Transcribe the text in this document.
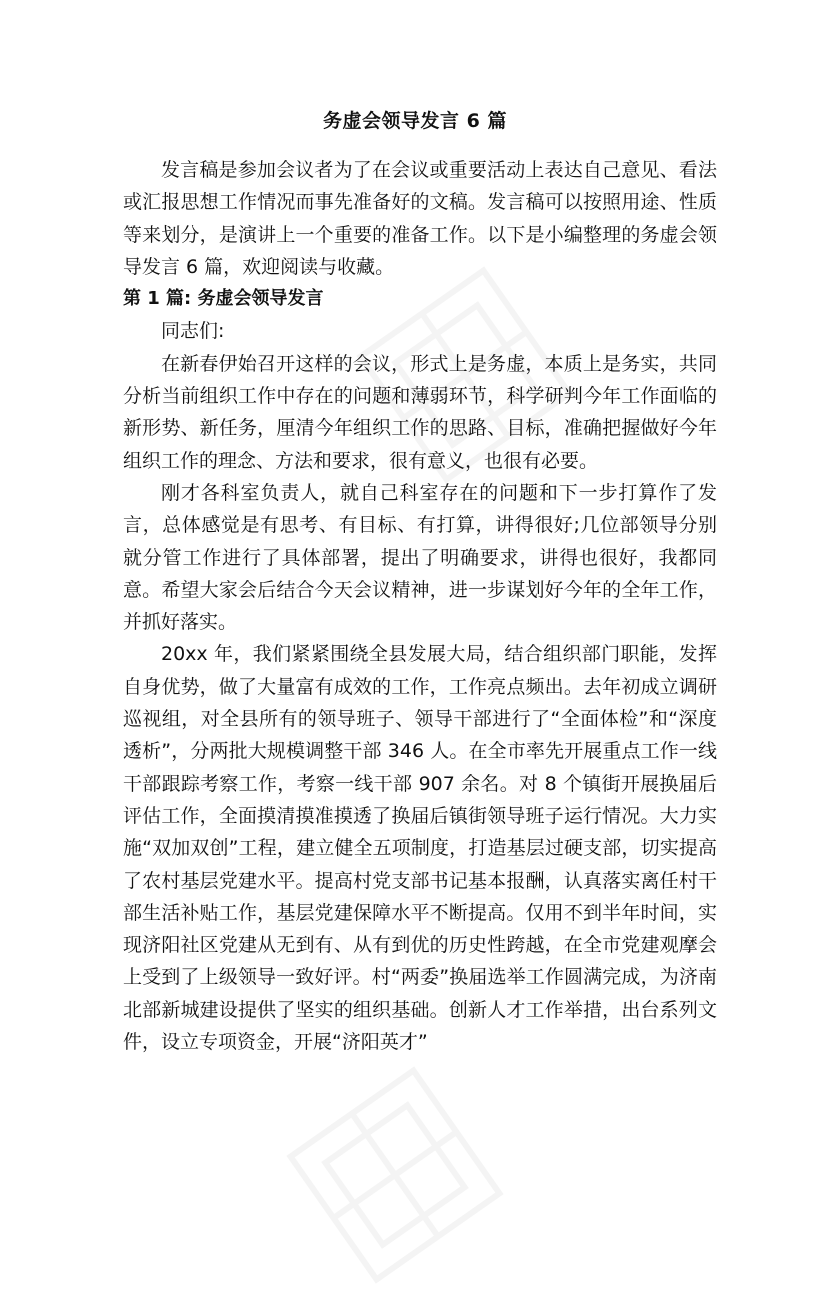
务虚会领导发言 6 篇

发言稿是参加会议者为了在会议或重要活动上表达自己意见、看法或汇报思想工作情况而事先准备好的文稿。发言稿可以按照用途、性质等来划分，是演讲上一个重要的准备工作。以下是小编整理的务虚会领导发言 6 篇，欢迎阅读与收藏。

第 1 篇: 务虚会领导发言

同志们:

在新春伊始召开这样的会议，形式上是务虚，本质上是务实，共同分析当前组织工作中存在的问题和薄弱环节，科学研判今年工作面临的新形势、新任务，厘清今年组织工作的思路、目标，准确把握做好今年组织工作的理念、方法和要求，很有意义，也很有必要。

刚才各科室负责人，就自己科室存在的问题和下一步打算作了发言，总体感觉是有思考、有目标、有打算，讲得很好;几位部领导分别就分管工作进行了具体部署，提出了明确要求，讲得也很好，我都同意。希望大家会后结合今天会议精神，进一步谋划好今年的全年工作，并抓好落实。

20xx 年，我们紧紧围绕全县发展大局，结合组织部门职能，发挥自身优势，做了大量富有成效的工作，工作亮点频出。去年初成立调研巡视组，对全县所有的领导班子、领导干部进行了“全面体检”和“深度透析”，分两批大规模调整干部 346 人。在全市率先开展重点工作一线干部跟踪考察工作，考察一线干部 907 余名。对 8 个镇街开展换届后评估工作，全面摸清摸准摸透了换届后镇街领导班子运行情况。大力实施“双加双创”工程，建立健全五项制度，打造基层过硬支部，切实提高了农村基层党建水平。提高村党支部书记基本报酬，认真落实离任村干部生活补贴工作，基层党建保障水平不断提高。仅用不到半年时间，实现济阳社区党建从无到有、从有到优的历史性跨越，在全市党建观摩会上受到了上级领导一致好评。村“两委”换届选举工作圆满完成，为济南北部新城建设提供了坚实的组织基础。创新人才工作举措，出台系列文件，设立专项资金，开展“济阳英才”
